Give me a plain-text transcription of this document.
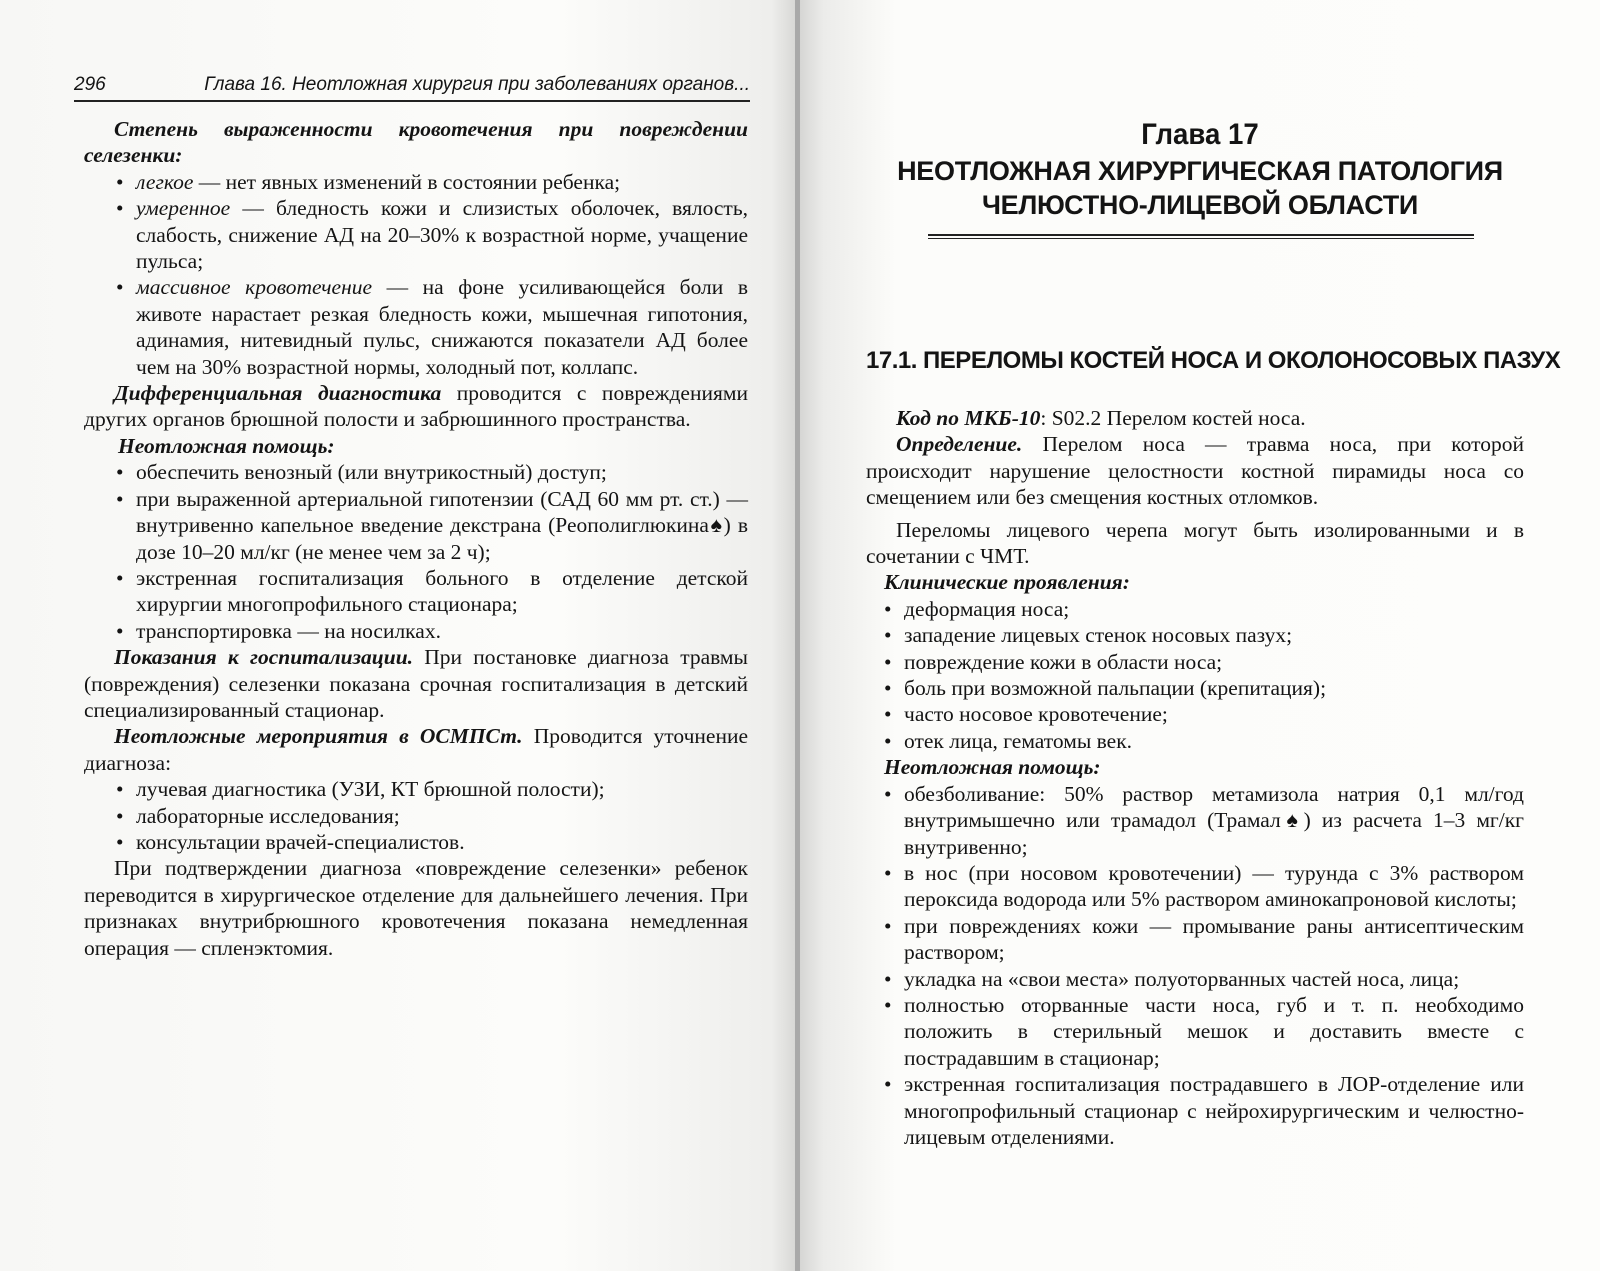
296	Глава 16. Неотложная хирургия при заболеваниях органов...

Степень выраженности кровотечения при повреждении селезенки:

• легкое — нет явных изменений в состоянии ребенка;
• умеренное — бледность кожи и слизистых оболочек, вялость, слабость, снижение АД на 20–30% к возрастной норме, учащение пульса;
• массивное кровотечение — на фоне усиливающейся боли в животе нарастает резкая бледность кожи, мышечная гипотония, адинамия, нитевидный пульс, снижаются показатели АД более чем на 30% возрастной нормы, холодный пот, коллапс.

Дифференциальная диагностика проводится с повреждениями других органов брюшной полости и забрюшинного пространства.

Неотложная помощь:

• обеспечить венозный (или внутрикостный) доступ;
• при выраженной артериальной гипотензии (САД 60 мм рт. ст.) — внутривенно капельное введение декстрана (Реополиглюкина♠) в дозе 10–20 мл/кг (не менее чем за 2 ч);
• экстренная госпитализация больного в отделение детской хирургии многопрофильного стационара;
• транспортировка — на носилках.

Показания к госпитализации. При постановке диагноза травмы (повреждения) селезенки показана срочная госпитализация в детский специализированный стационар.

Неотложные мероприятия в ОСМПСт. Проводится уточнение диагноза:

• лучевая диагностика (УЗИ, КТ брюшной полости);
• лабораторные исследования;
• консультации врачей-специалистов.

При подтверждении диагноза «повреждение селезенки» ребенок переводится в хирургическое отделение для дальнейшего лечения. При признаках внутрибрюшного кровотечения показана немедленная операция — спленэктомия.

Глава 17
НЕОТЛОЖНАЯ ХИРУРГИЧЕСКАЯ ПАТОЛОГИЯ
ЧЕЛЮСТНО-ЛИЦЕВОЙ ОБЛАСТИ
17.1. ПЕРЕЛОМЫ КОСТЕЙ НОСА И ОКОЛОНОСОВЫХ ПАЗУХ

Код по МКБ-10: S02.2 Перелом костей носа.

Определение. Перелом носа — травма носа, при которой происходит нарушение целостности костной пирамиды носа со смещением или без смещения костных отломков.

Переломы лицевого черепа могут быть изолированными и в сочетании с ЧМТ.

Клинические проявления:

• деформация носа;
• западение лицевых стенок носовых пазух;
• повреждение кожи в области носа;
• боль при возможной пальпации (крепитация);
• часто носовое кровотечение;
• отек лица, гематомы век.

Неотложная помощь:

• обезболивание: 50% раствор метамизола натрия 0,1 мл/год внутримышечно или трамадол (Трамал♠) из расчета 1–3 мг/кг внутривенно;
• в нос (при носовом кровотечении) — турунда с 3% раствором пероксида водорода или 5% раствором аминокапроновой кислоты;
• при повреждениях кожи — промывание раны антисептическим раствором;
• укладка на «свои места» полуоторванных частей носа, лица;
• полностью оторванные части носа, губ и т. п. необходимо положить в стерильный мешок и доставить вместе с пострадавшим в стационар;
• экстренная госпитализация пострадавшего в ЛОР-отделение или многопрофильный стационар с нейрохирургическим и челюстно-лицевым отделениями.
